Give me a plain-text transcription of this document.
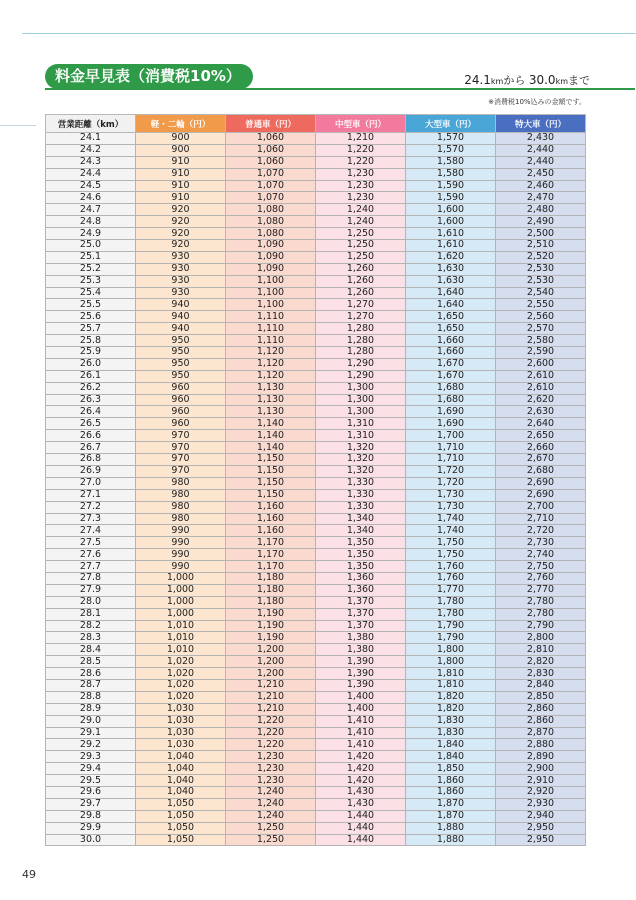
料金早見表（消費税10%）	24.1kmから 30.0kmまで
※消費税10%込みの金額です。
営業距離（km）	軽・二輪（円）	普通車（円）	中型車（円）	大型車（円）	特大車（円）
24.1	900	1,060	1,210	1,570	2,430
24.2	900	1,060	1,220	1,570	2,440
24.3	910	1,060	1,220	1,580	2,440
24.4	910	1,070	1,230	1,580	2,450
24.5	910	1,070	1,230	1,590	2,460
24.6	910	1,070	1,230	1,590	2,470
24.7	920	1,080	1,240	1,600	2,480
24.8	920	1,080	1,240	1,600	2,490
24.9	920	1,080	1,250	1,610	2,500
25.0	920	1,090	1,250	1,610	2,510
25.1	930	1,090	1,250	1,620	2,520
25.2	930	1,090	1,260	1,630	2,530
25.3	930	1,100	1,260	1,630	2,530
25.4	930	1,100	1,260	1,640	2,540
25.5	940	1,100	1,270	1,640	2,550
25.6	940	1,110	1,270	1,650	2,560
25.7	940	1,110	1,280	1,650	2,570
25.8	950	1,110	1,280	1,660	2,580
25.9	950	1,120	1,280	1,660	2,590
26.0	950	1,120	1,290	1,670	2,600
26.1	950	1,120	1,290	1,670	2,610
26.2	960	1,130	1,300	1,680	2,610
26.3	960	1,130	1,300	1,680	2,620
26.4	960	1,130	1,300	1,690	2,630
26.5	960	1,140	1,310	1,690	2,640
26.6	970	1,140	1,310	1,700	2,650
26.7	970	1,140	1,320	1,710	2,660
26.8	970	1,150	1,320	1,710	2,670
26.9	970	1,150	1,320	1,720	2,680
27.0	980	1,150	1,330	1,720	2,690
27.1	980	1,150	1,330	1,730	2,690
27.2	980	1,160	1,330	1,730	2,700
27.3	980	1,160	1,340	1,740	2,710
27.4	990	1,160	1,340	1,740	2,720
27.5	990	1,170	1,350	1,750	2,730
27.6	990	1,170	1,350	1,750	2,740
27.7	990	1,170	1,350	1,760	2,750
27.8	1,000	1,180	1,360	1,760	2,760
27.9	1,000	1,180	1,360	1,770	2,770
28.0	1,000	1,180	1,370	1,780	2,780
28.1	1,000	1,190	1,370	1,780	2,780
28.2	1,010	1,190	1,370	1,790	2,790
28.3	1,010	1,190	1,380	1,790	2,800
28.4	1,010	1,200	1,380	1,800	2,810
28.5	1,020	1,200	1,390	1,800	2,820
28.6	1,020	1,200	1,390	1,810	2,830
28.7	1,020	1,210	1,390	1,810	2,840
28.8	1,020	1,210	1,400	1,820	2,850
28.9	1,030	1,210	1,400	1,820	2,860
29.0	1,030	1,220	1,410	1,830	2,860
29.1	1,030	1,220	1,410	1,830	2,870
29.2	1,030	1,220	1,410	1,840	2,880
29.3	1,040	1,230	1,420	1,840	2,890
29.4	1,040	1,230	1,420	1,850	2,900
29.5	1,040	1,230	1,420	1,860	2,910
29.6	1,040	1,240	1,430	1,860	2,920
29.7	1,050	1,240	1,430	1,870	2,930
29.8	1,050	1,240	1,440	1,870	2,940
29.9	1,050	1,250	1,440	1,880	2,950
30.0	1,050	1,250	1,440	1,880	2,950
49
